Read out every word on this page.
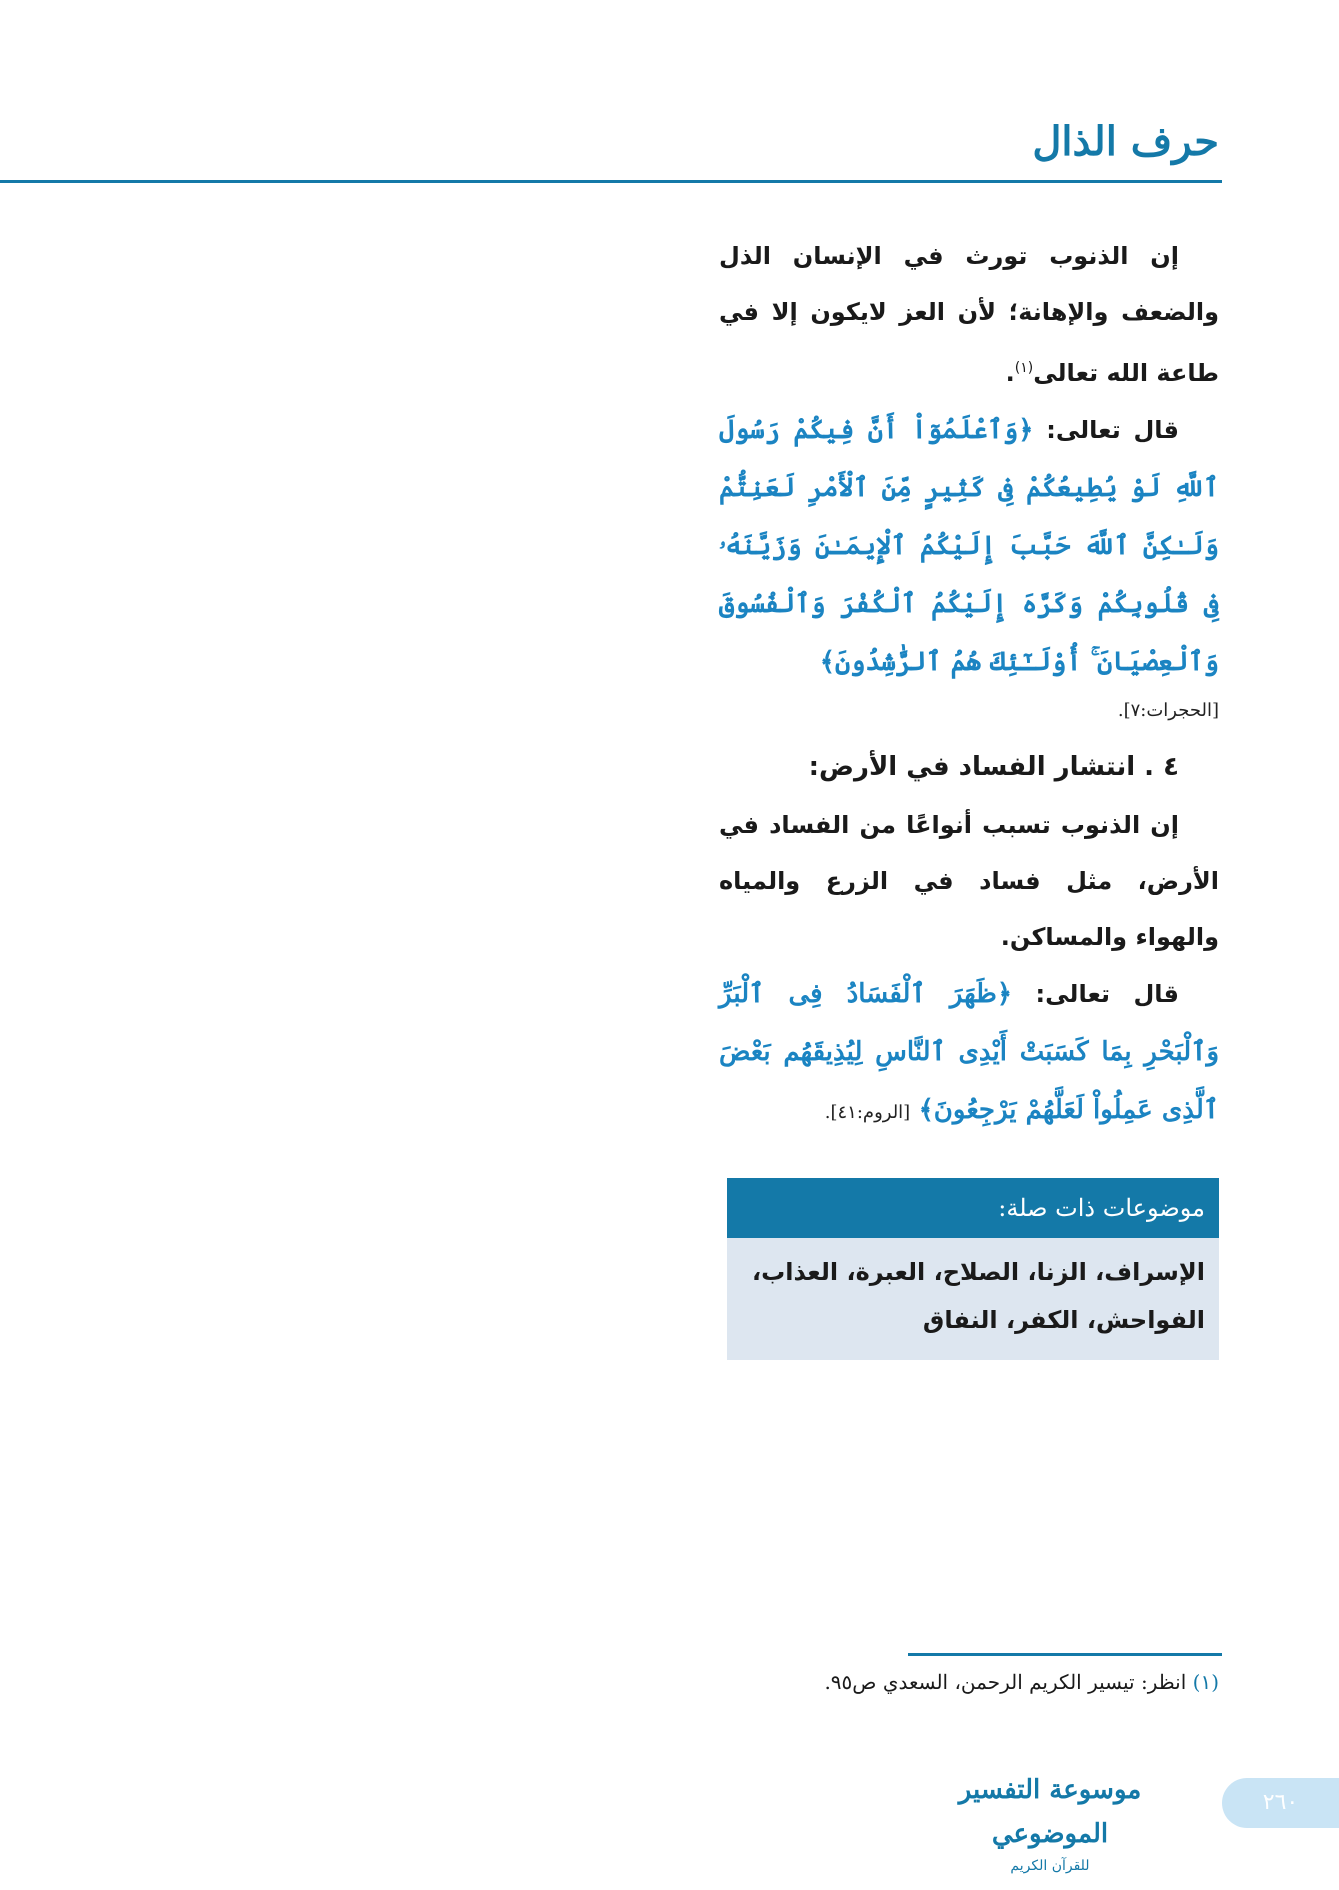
حرف الذال

إن الذنوب تورث في الإنسان الذل والضعف والإهانة؛ لأن العز لايكون إلا في طاعة الله تعالى$^{(١)}$.

قال تعالى: ﴿وَٱعْلَمُوٓاْ أَنَّ فِيكُمْ رَسُولَ ٱللَّهِ لَوْ يُطِيعُكُمْ فِى كَثِيرٍ مِّنَ ٱلْأَمْرِ لَعَنِتُّمْ وَلَـٰكِنَّ ٱللَّهَ حَبَّبَ إِلَيْكُمُ ٱلْإِيمَـٰنَ وَزَيَّنَهُۥ فِى قُلُوبِكُمْ وَكَرَّهَ إِلَيْكُمُ ٱلْكُفْرَ وَٱلْفُسُوقَ وَٱلْعِصْيَانَ ۚ أُوْلَـٰٓئِكَ هُمُ ٱلرَّٰشِدُونَ﴾

[الحجرات:٧].

٤ . انتشار الفساد في الأرض:

إن الذنوب تسبب أنواعًا من الفساد في الأرض، مثل فساد في الزرع والمياه والهواء والمساكن.

قال تعالى: ﴿ظَهَرَ ٱلْفَسَادُ فِى ٱلْبَرِّ وَٱلْبَحْرِ بِمَا كَسَبَتْ أَيْدِى ٱلنَّاسِ لِيُذِيقَهُم بَعْضَ ٱلَّذِى عَمِلُواْ لَعَلَّهُمْ يَرْجِعُونَ﴾ [الروم:٤١].

موضوعات ذات صلة:
الإسراف، الزنا، الصلاح، العبرة، العذاب، الفواحش، الكفر، النفاق

(١) انظر: تيسير الكريم الرحمن، السعدي ص٩٥.

موسوعة التفسير الموضوعي
للقرآن الكريم
٢٦٠
